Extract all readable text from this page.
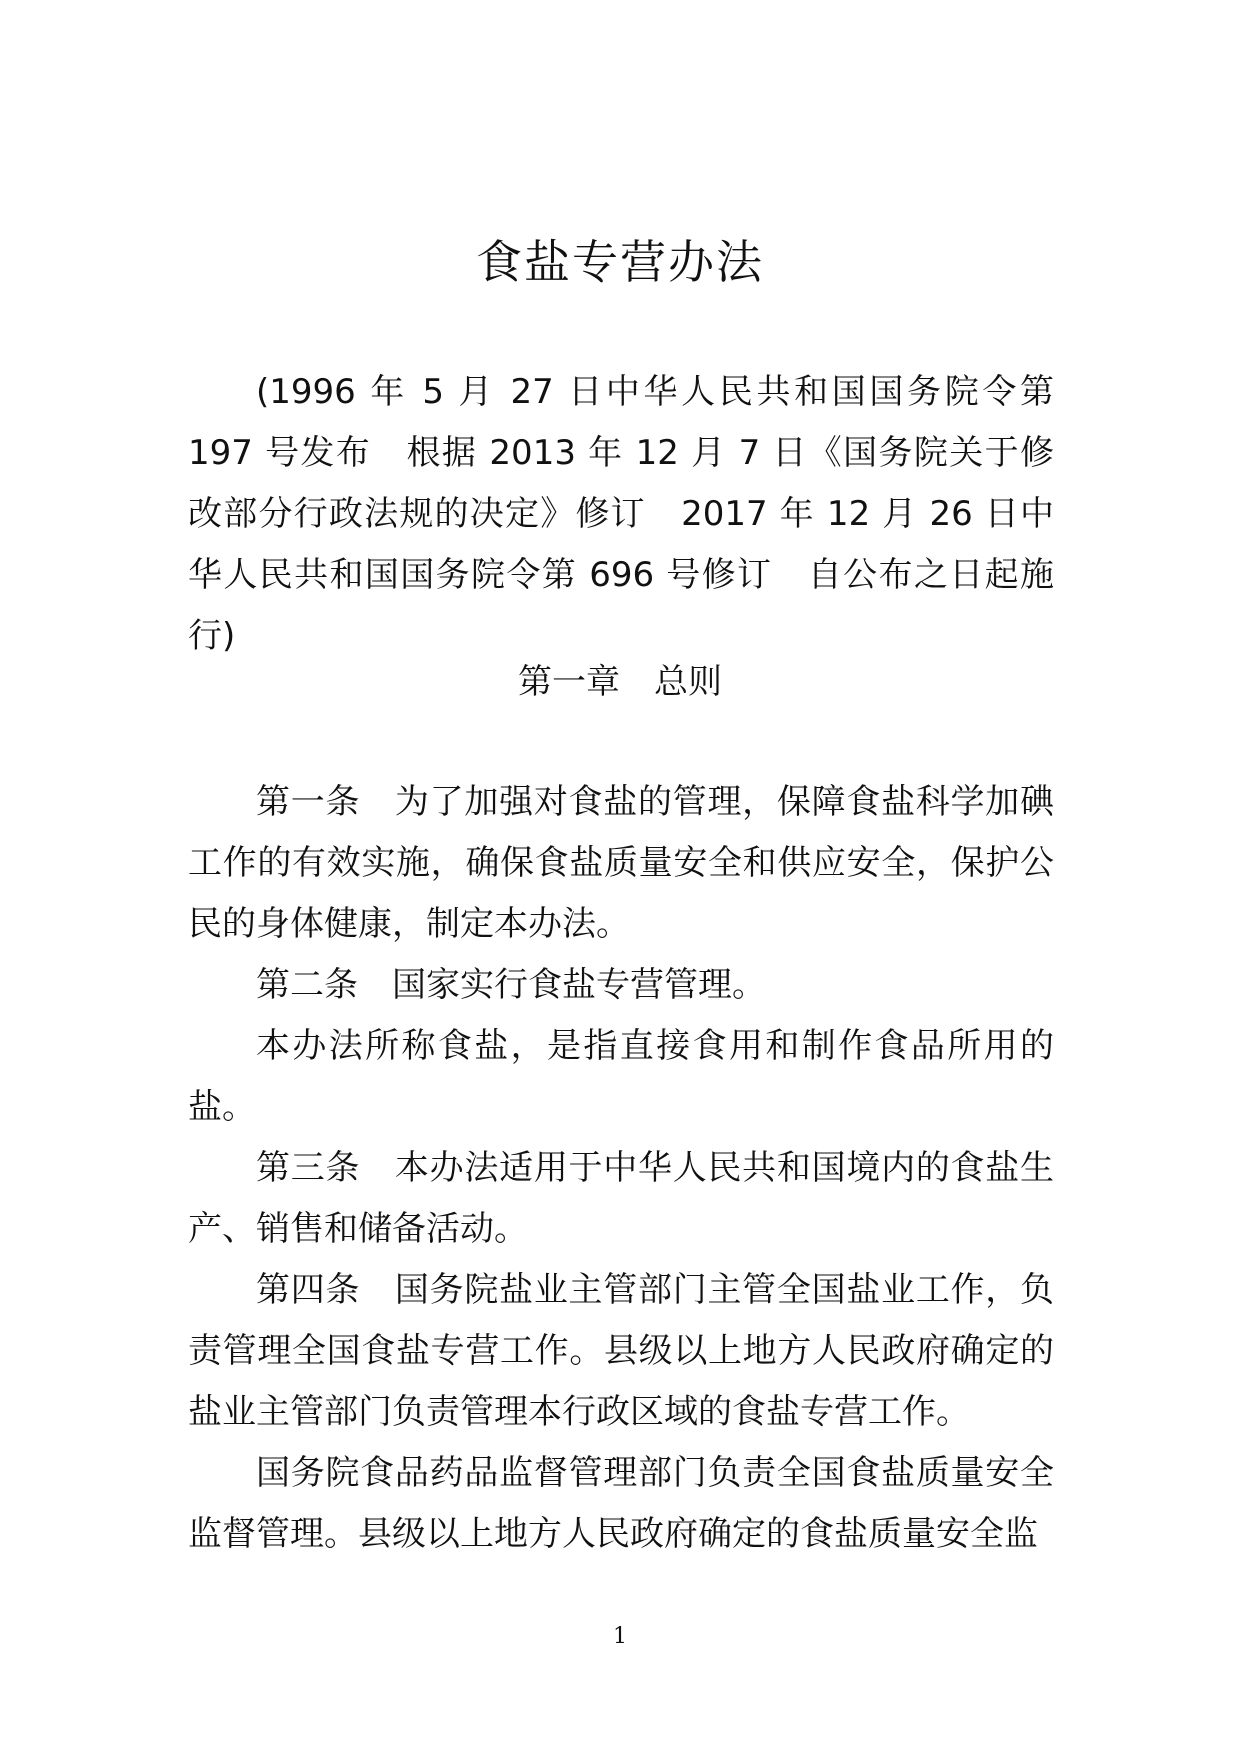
食盐专营办法

(1996 年 5 月 27 日中华人民共和国国务院令第 197 号发布　根据 2013 年 12 月 7 日《国务院关于修改部分行政法规的决定》修订　2017 年 12 月 26 日中华人民共和国国务院令第 696 号修订　自公布之日起施行)

第一章　总则

第一条　为了加强对食盐的管理，保障食盐科学加碘工作的有效实施，确保食盐质量安全和供应安全，保护公民的身体健康，制定本办法。

第二条　国家实行食盐专营管理。

本办法所称食盐，是指直接食用和制作食品所用的盐。

第三条　本办法适用于中华人民共和国境内的食盐生产、销售和储备活动。

第四条　国务院盐业主管部门主管全国盐业工作，负责管理全国食盐专营工作。县级以上地方人民政府确定的盐业主管部门负责管理本行政区域的食盐专营工作。

国务院食品药品监督管理部门负责全国食盐质量安全监督管理。县级以上地方人民政府确定的食盐质量安全监

1
